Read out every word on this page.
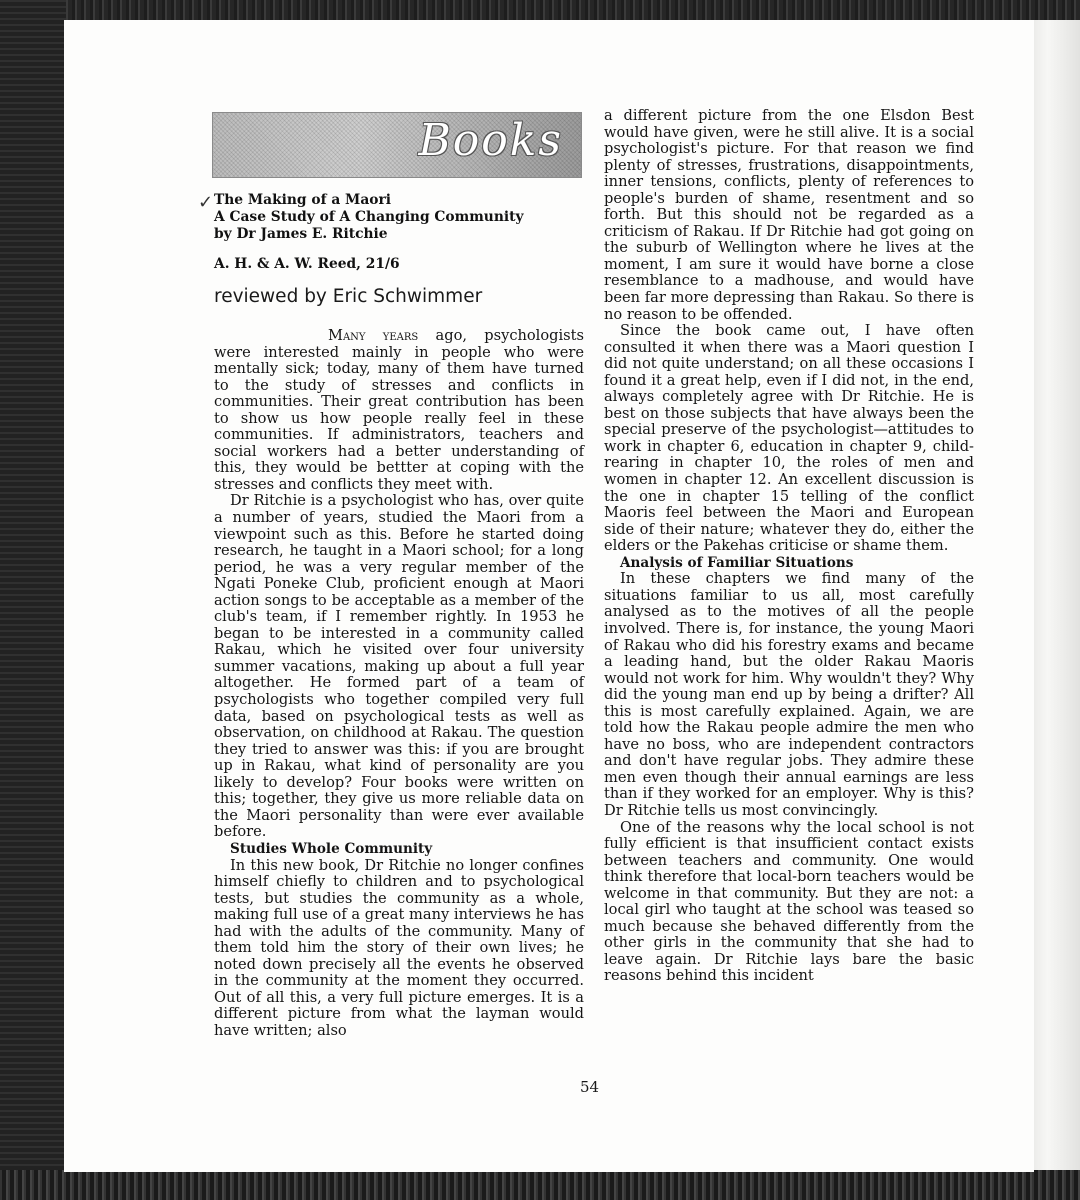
Books
✓ The Making of a Maori
A Case Study of A Changing Community
by Dr James E. Ritchie
A. H. & A. W. Reed, 21/6
reviewed by Eric Schwimmer

Many years ago, psychologists were interested mainly in people who were mentally sick; today, many of them have turned to the study of stresses and conflicts in communities. Their great contribution has been to show us how people really feel in these communities. If administrators, teachers and social workers had a better understanding of this, they would be bettter at coping with the stresses and conflicts they meet with.

Dr Ritchie is a psychologist who has, over quite a number of years, studied the Maori from a viewpoint such as this. Before he started doing research, he taught in a Maori school; for a long period, he was a very regular member of the Ngati Poneke Club, proficient enough at Maori action songs to be acceptable as a member of the club's team, if I remember rightly. In 1953 he began to be interested in a community called Rakau, which he visited over four university summer vacations, making up about a full year altogether. He formed part of a team of psychologists who together compiled very full data, based on psychological tests as well as observation, on childhood at Rakau. The question they tried to answer was this: if you are brought up in Rakau, what kind of personality are you likely to develop? Four books were written on this; together, they give us more reliable data on the Maori personality than were ever available before.

Studies Whole Community

In this new book, Dr Ritchie no longer confines himself chiefly to children and to psychological tests, but studies the community as a whole, making full use of a great many interviews he has had with the adults of the community. Many of them told him the story of their own lives; he noted down precisely all the events he observed in the community at the moment they occurred. Out of all this, a very full picture emerges. It is a different picture from what the layman would have written; also

a different picture from the one Elsdon Best would have given, were he still alive. It is a social psychologist's picture. For that reason we find plenty of stresses, frustrations, disappointments, inner tensions, conflicts, plenty of references to people's burden of shame, resentment and so forth. But this should not be regarded as a criticism of Rakau. If Dr Ritchie had got going on the suburb of Wellington where he lives at the moment, I am sure it would have borne a close resemblance to a madhouse, and would have been far more depressing than Rakau. So there is no reason to be offended.

Since the book came out, I have often consulted it when there was a Maori question I did not quite understand; on all these occasions I found it a great help, even if I did not, in the end, always completely agree with Dr Ritchie. He is best on those subjects that have always been the special preserve of the psychologist—attitudes to work in chapter 6, education in chapter 9, child-rearing in chapter 10, the roles of men and women in chapter 12. An excellent discussion is the one in chapter 15 telling of the conflict Maoris feel between the Maori and European side of their nature; whatever they do, either the elders or the Pakehas criticise or shame them.

Analysis of Familiar Situations

In these chapters we find many of the situations familiar to us all, most carefully analysed as to the motives of all the people involved. There is, for instance, the young Maori of Rakau who did his forestry exams and became a leading hand, but the older Rakau Maoris would not work for him. Why wouldn't they? Why did the young man end up by being a drifter? All this is most carefully explained. Again, we are told how the Rakau people admire the men who have no boss, who are independent contractors and don't have regular jobs. They admire these men even though their annual earnings are less than if they worked for an employer. Why is this? Dr Ritchie tells us most convincingly.

One of the reasons why the local school is not fully efficient is that insufficient contact exists between teachers and community. One would think therefore that local-born teachers would be welcome in that community. But they are not: a local girl who taught at the school was teased so much because she behaved differently from the other girls in the community that she had to leave again. Dr Ritchie lays bare the basic reasons behind this incident

54
